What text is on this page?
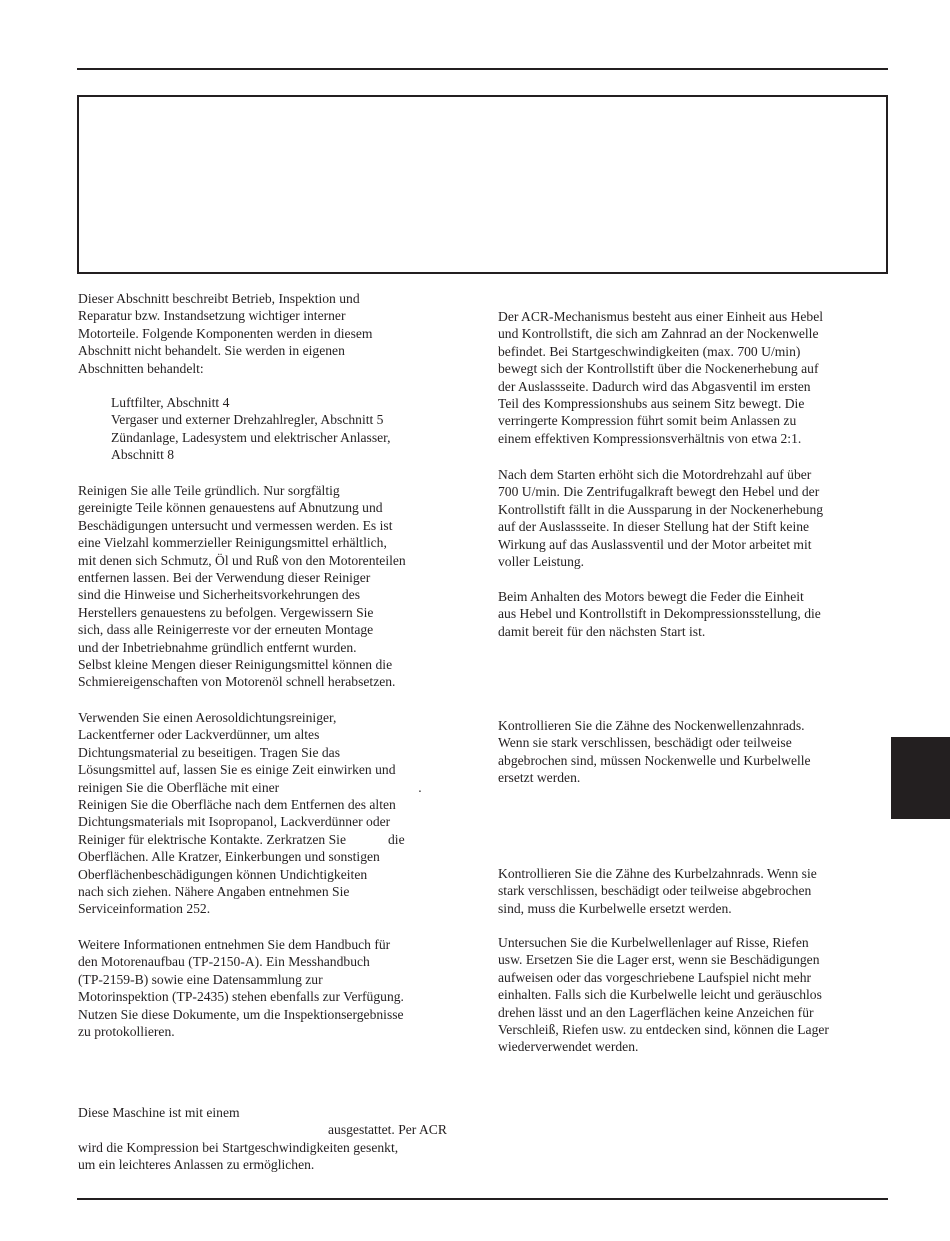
Dieser Abschnitt beschreibt Betrieb, Inspektion und

Reparatur bzw. Instandsetzung wichtiger interner

Motorteile. Folgende Komponenten werden in diesem

Abschnitt nicht behandelt. Sie werden in eigenen

Abschnitten behandelt:

Luftfilter, Abschnitt 4

Vergaser und externer Drehzahlregler, Abschnitt 5

Zündanlage, Ladesystem und elektrischer Anlasser,

Abschnitt 8

Reinigen Sie alle Teile gründlich. Nur sorgfältig

gereinigte Teile können genauestens auf Abnutzung und

Beschädigungen untersucht und vermessen werden. Es ist

eine Vielzahl kommerzieller Reinigungsmittel erhältlich,

mit denen sich Schmutz, Öl und Ruß von den Motorenteilen

entfernen lassen. Bei der Verwendung dieser Reiniger

sind die Hinweise und Sicherheitsvorkehrungen des

Herstellers genauestens zu befolgen. Vergewissern Sie

sich, dass alle Reinigerreste vor der erneuten Montage

und der Inbetriebnahme gründlich entfernt wurden.

Selbst kleine Mengen dieser Reinigungsmittel können die

Schmiereigenschaften von Motorenöl schnell herabsetzen.

Verwenden Sie einen Aerosoldichtungsreiniger,

Lackentferner oder Lackverdünner, um altes

Dichtungsmaterial zu beseitigen. Tragen Sie das

Lösungsmittel auf, lassen Sie es einige Zeit einwirken und

reinigen Sie die Oberfläche mit einer	.

Reinigen Sie die Oberfläche nach dem Entfernen des alten

Dichtungsmaterials mit Isopropanol, Lackverdünner oder

Reiniger für elektrische Kontakte. Zerkratzen Sie	die

Oberflächen. Alle Kratzer, Einkerbungen und sonstigen

Oberflächenbeschädigungen können Undichtigkeiten

nach sich ziehen. Nähere Angaben entnehmen Sie

Serviceinformation 252.

Weitere Informationen entnehmen Sie dem Handbuch für

den Motorenaufbau (TP-2150-A). Ein Messhandbuch

(TP-2159-B) sowie eine Datensammlung zur

Motorinspektion (TP-2435) stehen ebenfalls zur Verfügung.

Nutzen Sie diese Dokumente, um die Inspektionsergebnisse

zu protokollieren.

Diese Maschine ist mit einem

ausgestattet. Per ACR

wird die Kompression bei Startgeschwindigkeiten gesenkt,

um ein leichteres Anlassen zu ermöglichen.

Der ACR-Mechanismus besteht aus einer Einheit aus Hebel

und Kontrollstift, die sich am Zahnrad an der Nockenwelle

befindet. Bei Startgeschwindigkeiten (max. 700 U/min)

bewegt sich der Kontrollstift über die Nockenerhebung auf

der Auslassseite. Dadurch wird das Abgasventil im ersten

Teil des Kompressionshubs aus seinem Sitz bewegt. Die

verringerte Kompression führt somit beim Anlassen zu

einem effektiven Kompressionsverhältnis von etwa 2:1.

Nach dem Starten erhöht sich die Motordrehzahl auf über

700 U/min. Die Zentrifugalkraft bewegt den Hebel und der

Kontrollstift fällt in die Aussparung in der Nockenerhebung

auf der Auslassseite. In dieser Stellung hat der Stift keine

Wirkung auf das Auslassventil und der Motor arbeitet mit

voller Leistung.

Beim Anhalten des Motors bewegt die Feder die Einheit

aus Hebel und Kontrollstift in Dekompressionsstellung, die

damit bereit für den nächsten Start ist.

Kontrollieren Sie die Zähne des Nockenwellenzahnrads.

Wenn sie stark verschlissen, beschädigt oder teilweise

abgebrochen sind, müssen Nockenwelle und Kurbelwelle

ersetzt werden.

Kontrollieren Sie die Zähne des Kurbelzahnrads. Wenn sie

stark verschlissen, beschädigt oder teilweise abgebrochen

sind, muss die Kurbelwelle ersetzt werden.

Untersuchen Sie die Kurbelwellenlager auf Risse, Riefen

usw. Ersetzen Sie die Lager erst, wenn sie Beschädigungen

aufweisen oder das vorgeschriebene Laufspiel nicht mehr

einhalten. Falls sich die Kurbelwelle leicht und geräuschlos

drehen lässt und an den Lagerflächen keine Anzeichen für

Verschleiß, Riefen usw. zu entdecken sind, können die Lager

wiederverwendet werden.
